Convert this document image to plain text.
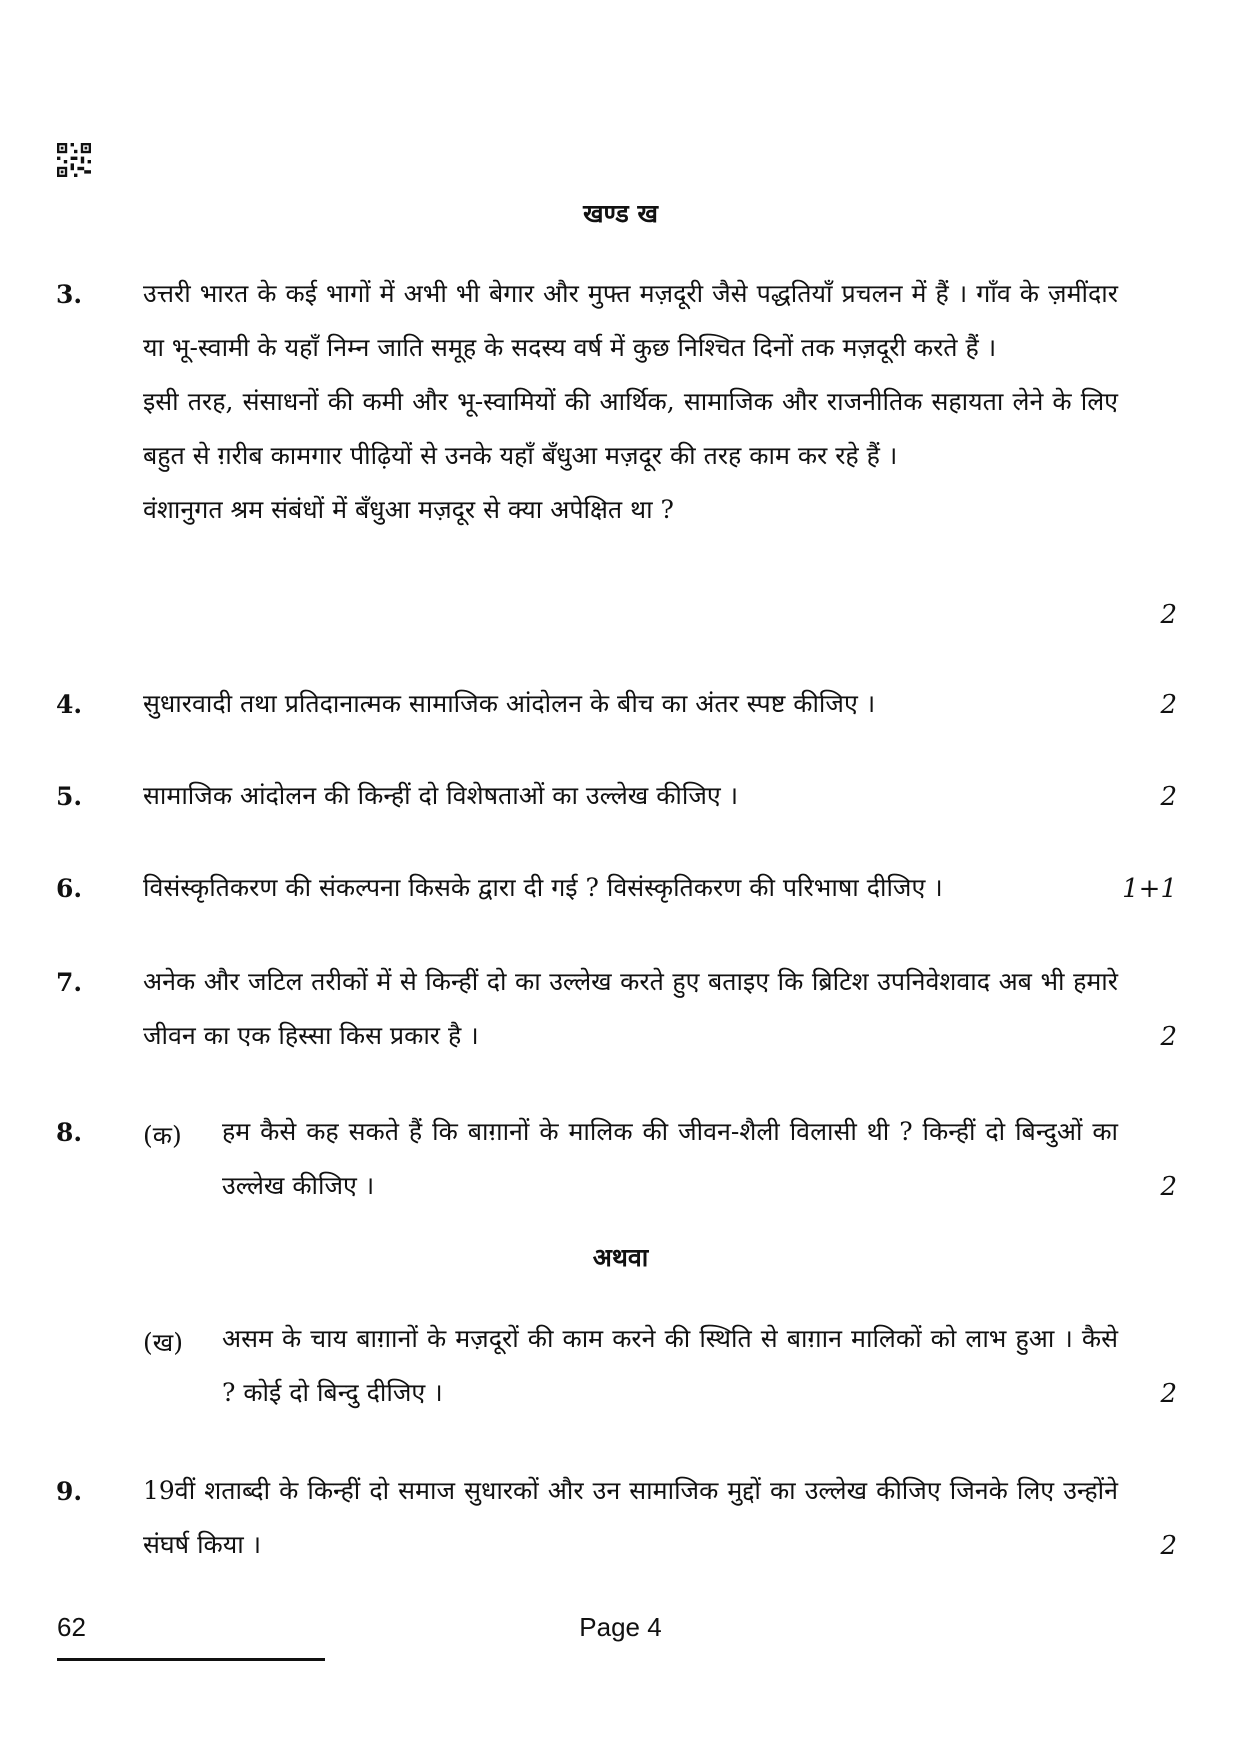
खण्ड ख
3. उत्तरी भारत के कई भागों में अभी भी बेगार और मुफ्त मज़दूरी जैसे पद्धतियाँ प्रचलन में हैं । गाँव के ज़मींदार या भू-स्वामी के यहाँ निम्न जाति समूह के सदस्य वर्ष में कुछ निश्चित दिनों तक मज़दूरी करते हैं ।

इसी तरह, संसाधनों की कमी और भू-स्वामियों की आर्थिक, सामाजिक और राजनीतिक सहायता लेने के लिए बहुत से ग़रीब कामगार पीढ़ियों से उनके यहाँ बँधुआ मज़दूर की तरह काम कर रहे हैं ।

वंशानुगत श्रम संबंधों में बँधुआ मज़दूर से क्या अपेक्षित था ?

2
4. सुधारवादी तथा प्रतिदानात्मक सामाजिक आंदोलन के बीच का अंतर स्पष्ट कीजिए ।	2
5. सामाजिक आंदोलन की किन्हीं दो विशेषताओं का उल्लेख कीजिए ।	2
6. विसंस्कृतिकरण की संकल्पना किसके द्वारा दी गई ? विसंस्कृतिकरण की परिभाषा दीजिए ।	1+1
7. अनेक और जटिल तरीकों में से किन्हीं दो का उल्लेख करते हुए बताइए कि ब्रिटिश उपनिवेशवाद अब भी हमारे जीवन का एक हिस्सा किस प्रकार है ।	2
8. (क) हम कैसे कह सकते हैं कि बाग़ानों के मालिक की जीवन-शैली विलासी थी ? किन्हीं दो बिन्दुओं का उल्लेख कीजिए ।	2
अथवा
(ख) असम के चाय बाग़ानों के मज़दूरों की काम करने की स्थिति से बाग़ान मालिकों को लाभ हुआ । कैसे ? कोई दो बिन्दु दीजिए ।	2
9. 19वीं शताब्दी के किन्हीं दो समाज सुधारकों और उन सामाजिक मुद्दों का उल्लेख कीजिए जिनके लिए उन्होंने संघर्ष किया ।	2
62	Page 4
